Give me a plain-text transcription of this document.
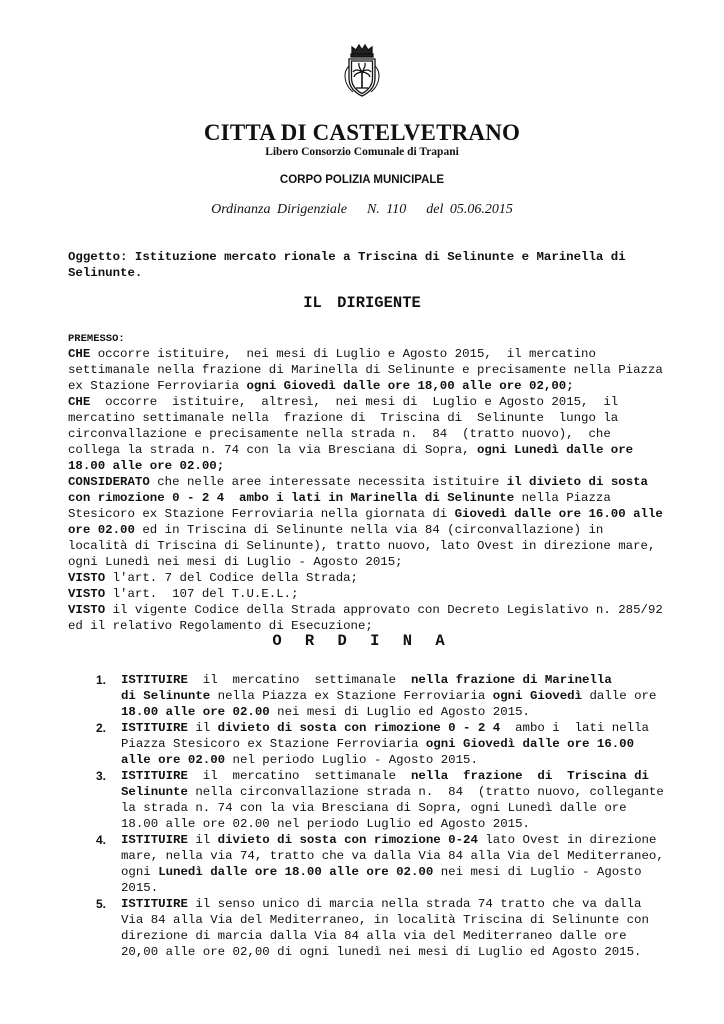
CITTA DI CASTELVETRANO
Libero Consorzio Comunale di Trapani
CORPO POLIZIA MUNICIPALE
Ordinanza Dirigenziale N. 110 del 05.06.2015
Oggetto: Istituzione mercato rionale a Triscina di Selinunte e Marinella di
Selinunte.
IL DIRIGENTE
PREMESSO:
CHE occorre istituire,  nei mesi di Luglio e Agosto 2015,  il mercatino
settimanale nella frazione di Marinella di Selinunte e precisamente nella Piazza
ex Stazione Ferroviaria ogni Giovedì dalle ore 18,00 alle ore 02,00;
CHE  occorre  istituire,  altresì,  nei mesi di  Luglio e Agosto 2015,  il
mercatino settimanale nella  frazione di  Triscina di  Selinunte  lungo la
circonvallazione e precisamente nella strada n.  84  (tratto nuovo),  che
collega la strada n. 74 con la via Bresciana di Sopra, ogni Lunedì dalle ore
18.00 alle ore 02.00;
CONSIDERATO che nelle aree interessate necessita istituire il divieto di sosta
con rimozione 0 - 2 4  ambo i lati in Marinella di Selinunte nella Piazza
Stesicoro ex Stazione Ferroviaria nella giornata di Giovedì dalle ore 16.00 alle
ore 02.00 ed in Triscina di Selinunte nella via 84 (circonvallazione) in
località di Triscina di Selinunte), tratto nuovo, lato Ovest in direzione mare,
ogni Lunedì nei mesi di Luglio - Agosto 2015;
VISTO l'art. 7 del Codice della Strada;
VISTO l'art.  107 del T.U.E.L.;
VISTO il vigente Codice della Strada approvato con Decreto Legislativo n. 285/92
ed il relativo Regolamento di Esecuzione;
O R D I N A
1. ISTITUIRE  il  mercatino  settimanale  nella frazione di Marinella
di Selinunte nella Piazza ex Stazione Ferroviaria ogni Giovedì dalle ore
18.00 alle ore 02.00 nei mesi di Luglio ed Agosto 2015.
2. ISTITUIRE il divieto di sosta con rimozione 0 - 2 4  ambo i  lati nella
Piazza Stesicoro ex Stazione Ferroviaria ogni Giovedì dalle ore 16.00
alle ore 02.00 nel periodo Luglio - Agosto 2015.
3. ISTITUIRE  il  mercatino  settimanale  nella  frazione  di  Triscina di
Selinunte nella circonvallazione strada n.  84  (tratto nuovo, collegante
la strada n. 74 con la via Bresciana di Sopra, ogni Lunedì dalle ore
18.00 alle ore 02.00 nel periodo Luglio ed Agosto 2015.
4. ISTITUIRE il divieto di sosta con rimozione 0-24 lato Ovest in direzione
mare, nella via 74, tratto che va dalla Via 84 alla Via del Mediterraneo,
ogni Lunedì dalle ore 18.00 alle ore 02.00 nei mesi di Luglio - Agosto
2015.
5. ISTITUIRE il senso unico di marcia nella strada 74 tratto che va dalla
Via 84 alla Via del Mediterraneo, in località Triscina di Selinunte con
direzione di marcia dalla Via 84 alla via del Mediterraneo dalle ore
20,00 alle ore 02,00 di ogni lunedì nei mesi di Luglio ed Agosto 2015.
